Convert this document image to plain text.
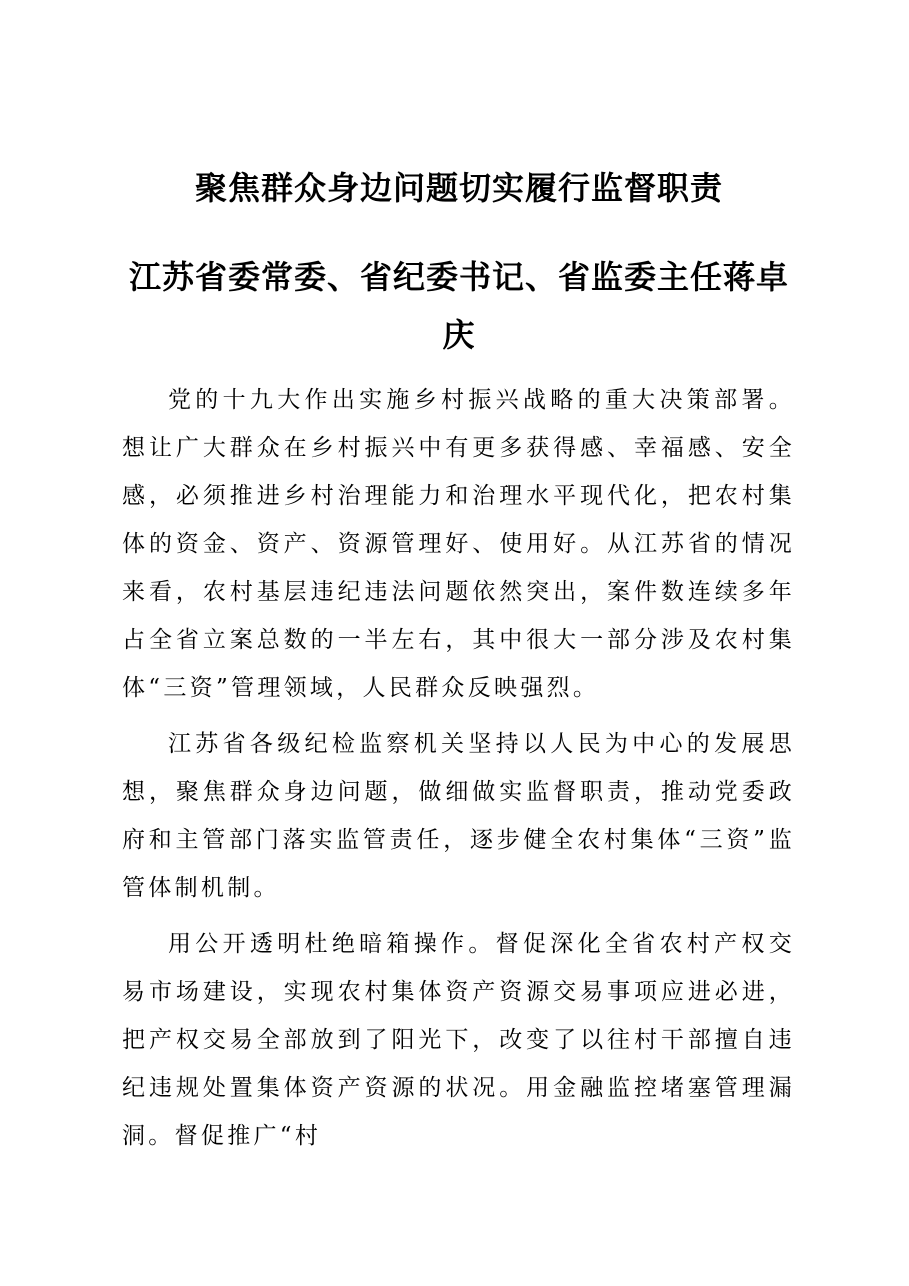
聚焦群众身边问题切实履行监督职责
江苏省委常委、省纪委书记、省监委主任蒋卓庆

党的十九大作出实施乡村振兴战略的重大决策部署。想让广大群众在乡村振兴中有更多获得感、幸福感、安全感，必须推进乡村治理能力和治理水平现代化，把农村集体的资金、资产、资源管理好、使用好。从江苏省的情况来看，农村基层违纪违法问题依然突出，案件数连续多年占全省立案总数的一半左右，其中很大一部分涉及农村集体“三资”管理领域，人民群众反映强烈。

江苏省各级纪检监察机关坚持以人民为中心的发展思想，聚焦群众身边问题，做细做实监督职责，推动党委政府和主管部门落实监管责任，逐步健全农村集体“三资”监管体制机制。

用公开透明杜绝暗箱操作。督促深化全省农村产权交易市场建设，实现农村集体资产资源交易事项应进必进，把产权交易全部放到了阳光下，改变了以往村干部擅自违纪违规处置集体资产资源的状况。用金融监控堵塞管理漏洞。督促推广“村
